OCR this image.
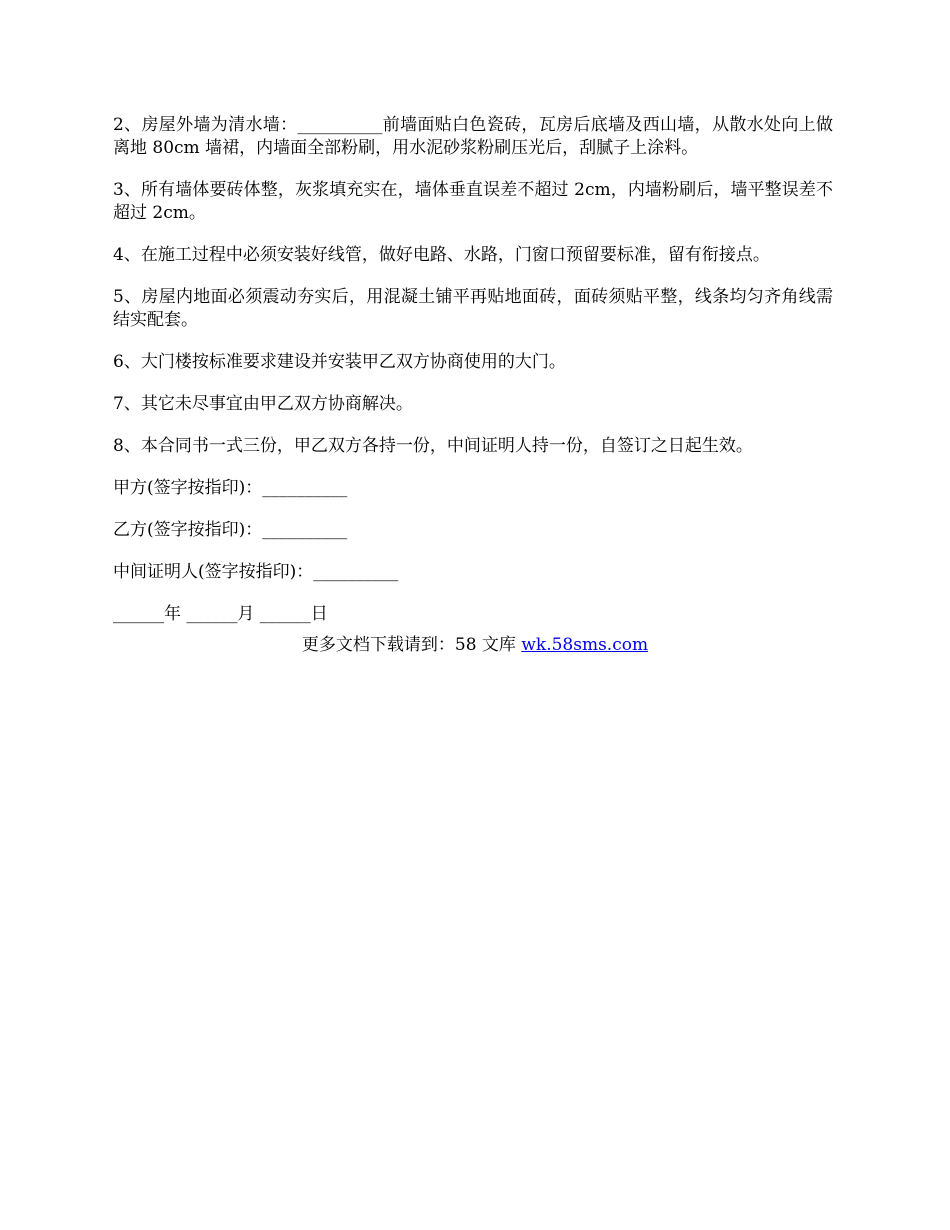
2、房屋外墙为清水墙：__________前墙面贴白色瓷砖，瓦房后底墙及西山墙，从散水处向上做离地 80cm 墙裙，内墙面全部粉刷，用水泥砂浆粉刷压光后，刮腻子上涂料。

3、所有墙体要砖体整，灰浆填充实在，墙体垂直误差不超过 2cm，内墙粉刷后，墙平整误差不超过 2cm。

4、在施工过程中必须安装好线管，做好电路、水路，门窗口预留要标准，留有衔接点。

5、房屋内地面必须震动夯实后，用混凝土铺平再贴地面砖，面砖须贴平整，线条均匀齐角线需结实配套。

6、大门楼按标准要求建设并安装甲乙双方协商使用的大门。

7、其它未尽事宜由甲乙双方协商解决。

8、本合同书一式三份，甲乙双方各持一份，中间证明人持一份，自签订之日起生效。

甲方(签字按指印)：__________

乙方(签字按指印)：__________

中间证明人(签字按指印)：__________

______年 ______月 ______日

更多文档下载请到：58 文库 wk.58sms.com
